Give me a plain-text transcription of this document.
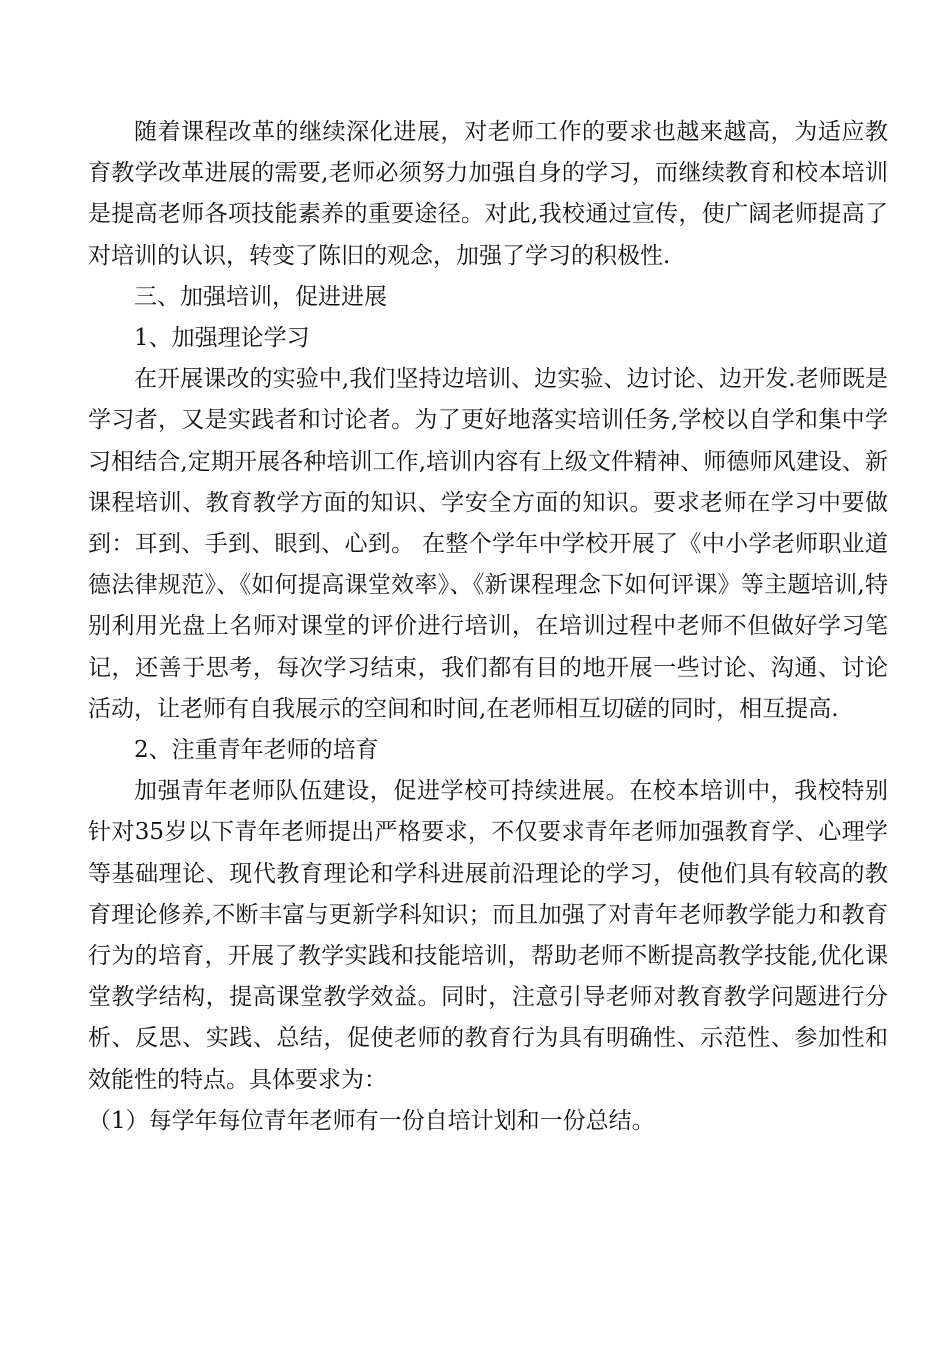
随着课程改革的继续深化进展，对老师工作的要求也越来越高，为适应教育教学改革进展的需要,老师必须努力加强自身的学习，而继续教育和校本培训是提高老师各项技能素养的重要途径。对此,我校通过宣传，使广阔老师提高了对培训的认识，转变了陈旧的观念，加强了学习的积极性.

三、加强培训，促进进展

1、加强理论学习

在开展课改的实验中,我们坚持边培训、边实验、边讨论、边开发.老师既是学习者，又是实践者和讨论者。为了更好地落实培训任务,学校以自学和集中学习相结合,定期开展各种培训工作,培训内容有上级文件精神、师德师风建设、新课程培训、教育教学方面的知识、学安全方面的知识。要求老师在学习中要做到：耳到、手到、眼到、心到。 在整个学年中学校开展了《中小学老师职业道德法律规范》、《如何提高课堂效率》、《新课程理念下如何评课》等主题培训,特别利用光盘上名师对课堂的评价进行培训，在培训过程中老师不但做好学习笔记，还善于思考，每次学习结束，我们都有目的地开展一些讨论、沟通、讨论活动，让老师有自我展示的空间和时间,在老师相互切磋的同时，相互提高.

2、注重青年老师的培育

加强青年老师队伍建设，促进学校可持续进展。在校本培训中，我校特别针对35岁以下青年老师提出严格要求，不仅要求青年老师加强教育学、心理学等基础理论、现代教育理论和学科进展前沿理论的学习，使他们具有较高的教育理论修养,不断丰富与更新学科知识；而且加强了对青年老师教学能力和教育行为的培育，开展了教学实践和技能培训，帮助老师不断提高教学技能,优化课堂教学结构，提高课堂教学效益。同时，注意引导老师对教育教学问题进行分析、反思、实践、总结，促使老师的教育行为具有明确性、示范性、参加性和效能性的特点。具体要求为：

（1）每学年每位青年老师有一份自培计划和一份总结。
